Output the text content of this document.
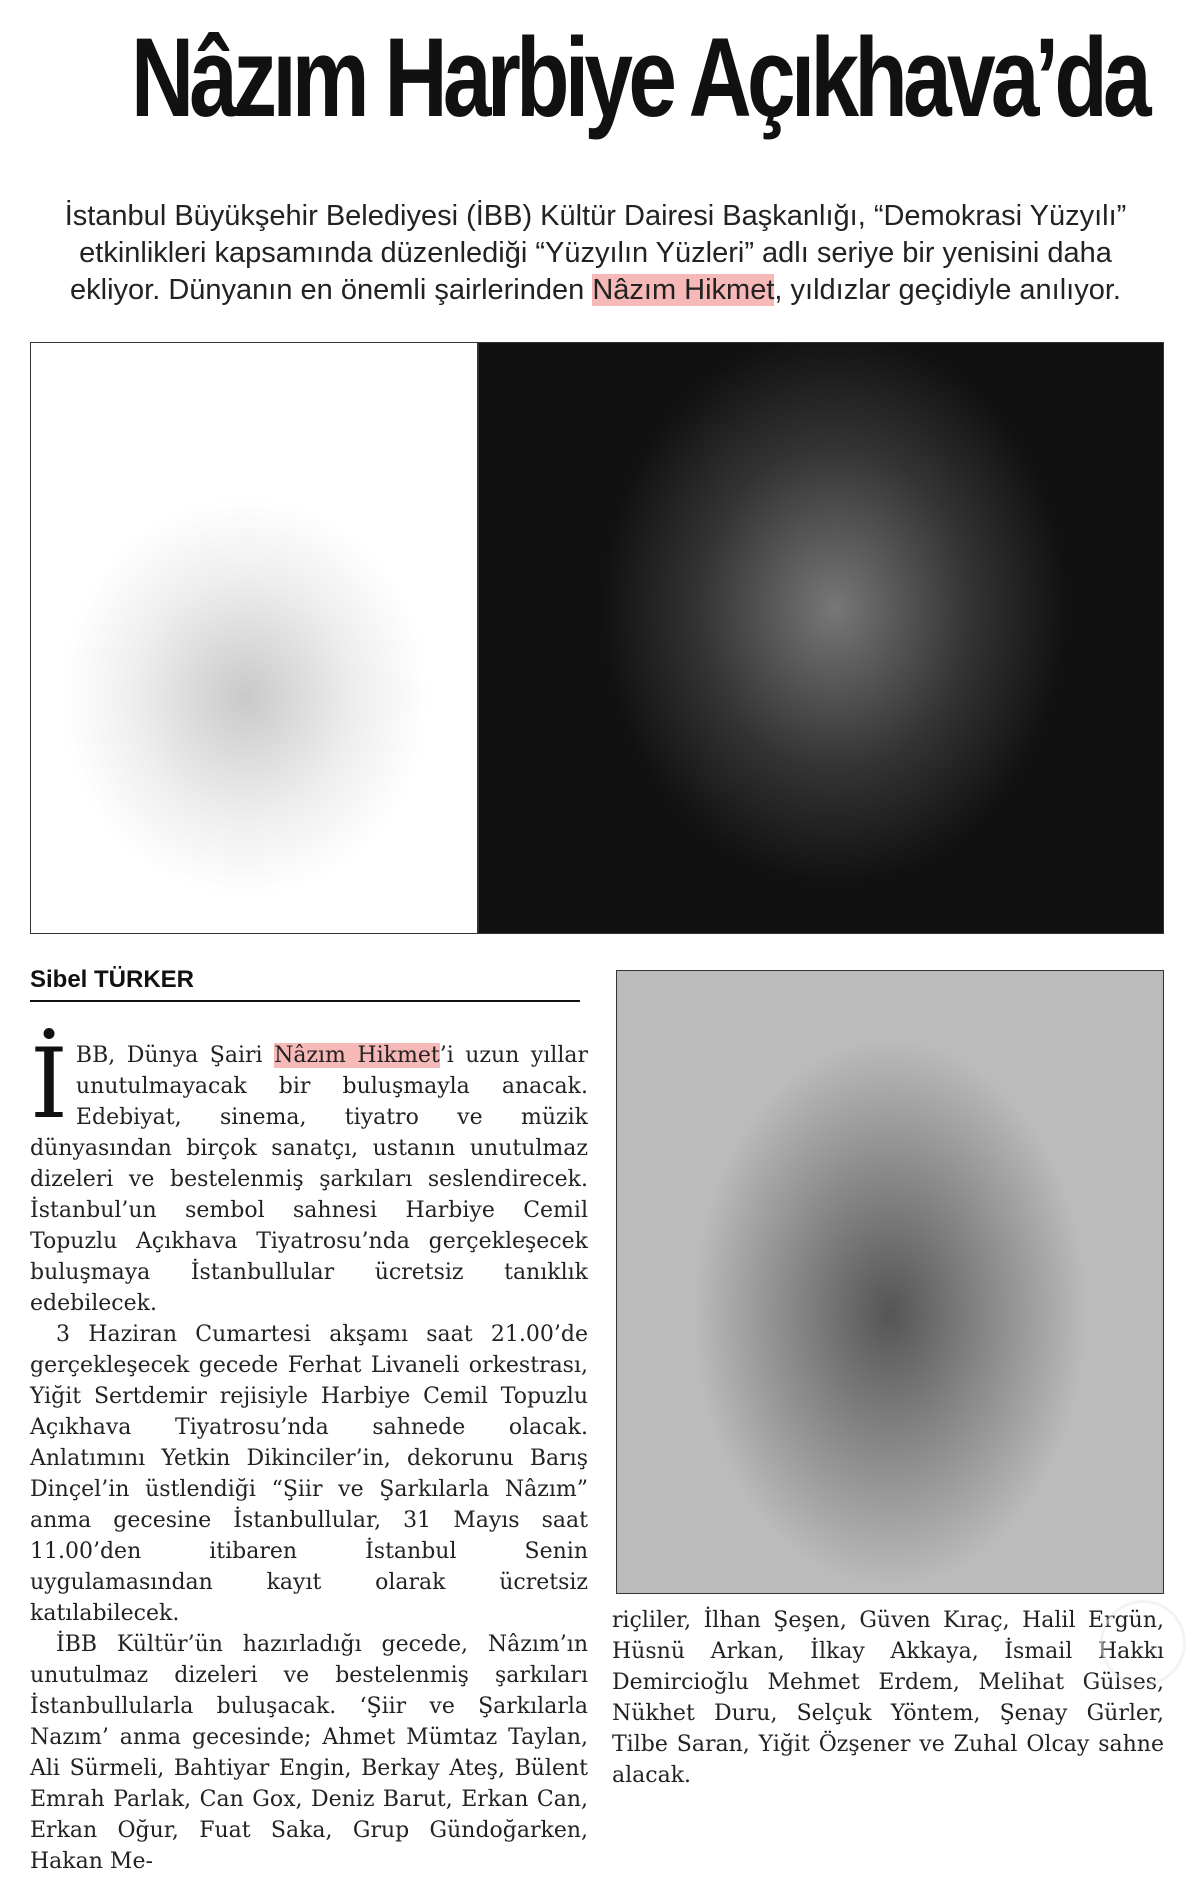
Nâzım Harbiye Açıkhava’da
İstanbul Büyükşehir Belediyesi (İBB) Kültür Dairesi Başkanlığı, “Demokrasi Yüzyılı” etkinlikleri kapsamında düzenlediği “Yüzyılın Yüzleri” adlı seriye bir yenisini daha ekliyor. Dünyanın en önemli şairlerinden Nâzım Hikmet, yıldızlar geçidiyle anılıyor.
Sibel TÜRKER

İBB, Dünya Şairi Nâzım Hikmet’i uzun yıllar unutulmayacak bir buluşmayla anacak. Edebiyat, sinema, tiyatro ve müzik dünyasından birçok sanatçı, ustanın unutulmaz dizeleri ve bestelenmiş şarkıları seslendirecek. İstanbul’un sembol sahnesi Harbiye Cemil Topuzlu Açıkhava Tiyatrosu’nda gerçekleşecek buluşmaya İstanbullular ücretsiz tanıklık edebilecek.

3 Haziran Cumartesi akşamı saat 21.00’de gerçekleşecek gecede Ferhat Livaneli orkestrası, Yiğit Sertdemir rejisiyle Harbiye Cemil Topuzlu Açıkhava Tiyatrosu’nda sahnede olacak. Anlatımını Yetkin Dikinciler’in, dekorunu Barış Dinçel’in üstlendiği “Şiir ve Şarkılarla Nâzım” anma gecesine İstanbullular, 31 Mayıs saat 11.00’den itibaren İstanbul Senin uygulamasından kayıt olarak ücretsiz katılabilecek.

İBB Kültür’ün hazırladığı gecede, Nâzım’ın unutulmaz dizeleri ve bestelenmiş şarkıları İstanbullularla buluşacak. ‘Şiir ve Şarkılarla Nazım’ anma gecesinde; Ahmet Mümtaz Taylan, Ali Sürmeli, Bahtiyar Engin, Berkay Ateş, Bülent Emrah Parlak, Can Gox, Deniz Barut, Erkan Can, Erkan Oğur, Fuat Saka, Grup Gündoğarken, Hakan Me-

riçliler, İlhan Şeşen, Güven Kıraç, Halil Ergün, Hüsnü Arkan, İlkay Akkaya, İsmail Hakkı Demircioğlu Mehmet Erdem, Melihat Gülses, Nükhet Duru, Selçuk Yöntem, Şenay Gürler, Tilbe Saran, Yiğit Özşener ve Zuhal Olcay sahne alacak.
